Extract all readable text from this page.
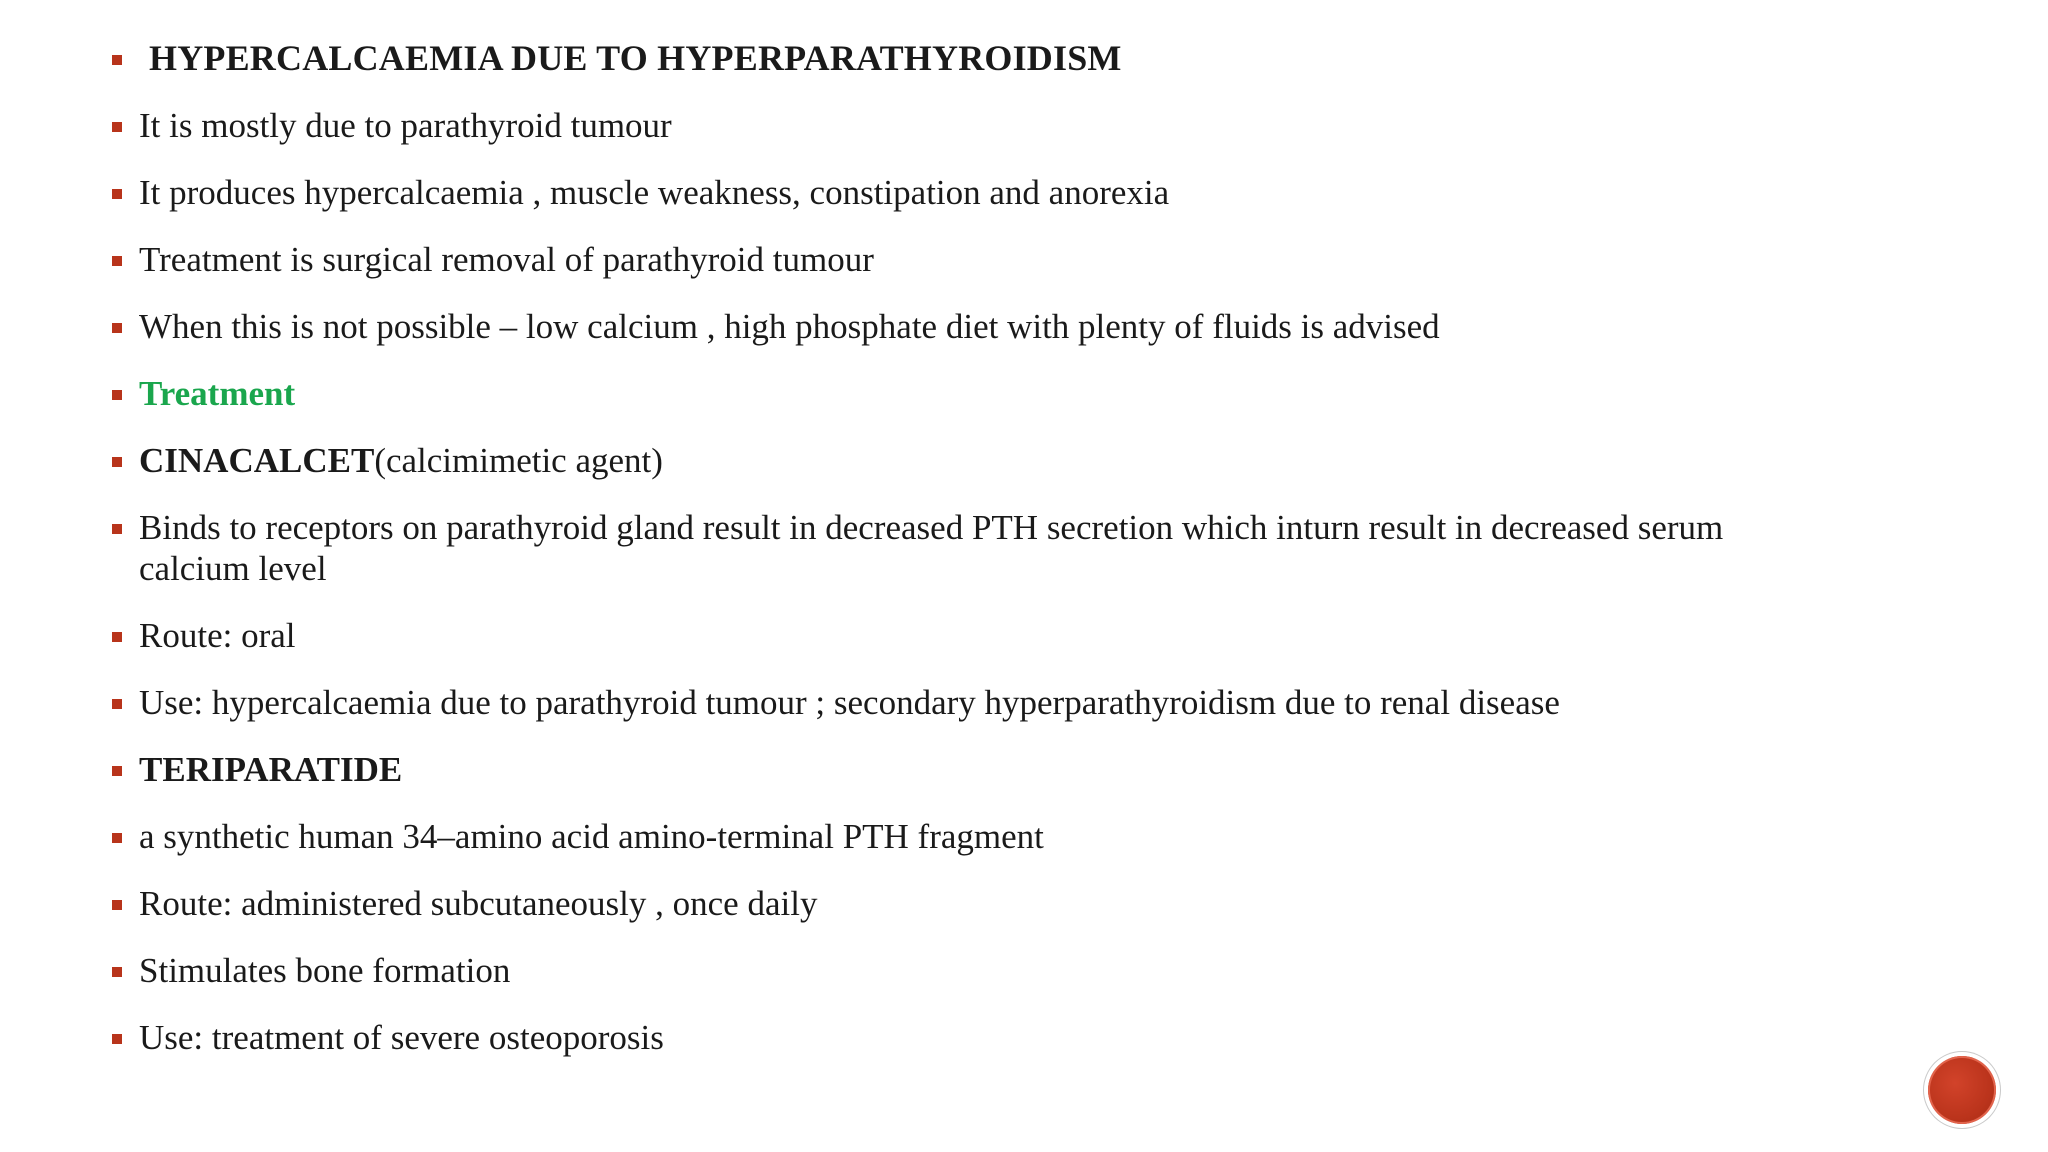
HYPERCALCAEMIA DUE TO HYPERPARATHYROIDISM
It is mostly due to parathyroid tumour
It produces hypercalcaemia , muscle weakness, constipation and anorexia
Treatment is surgical removal of parathyroid tumour
When this is not possible – low calcium , high phosphate diet with plenty of fluids is advised
Treatment
CINACALCET(calcimimetic agent)
Binds to receptors on parathyroid gland result in decreased PTH secretion which inturn result in decreased serum calcium level
Route: oral
Use: hypercalcaemia due to parathyroid tumour ; secondary hyperparathyroidism due to renal disease
TERIPARATIDE
a synthetic human 34–amino acid amino-terminal PTH fragment
Route: administered subcutaneously , once daily
Stimulates bone formation
Use: treatment of severe osteoporosis
